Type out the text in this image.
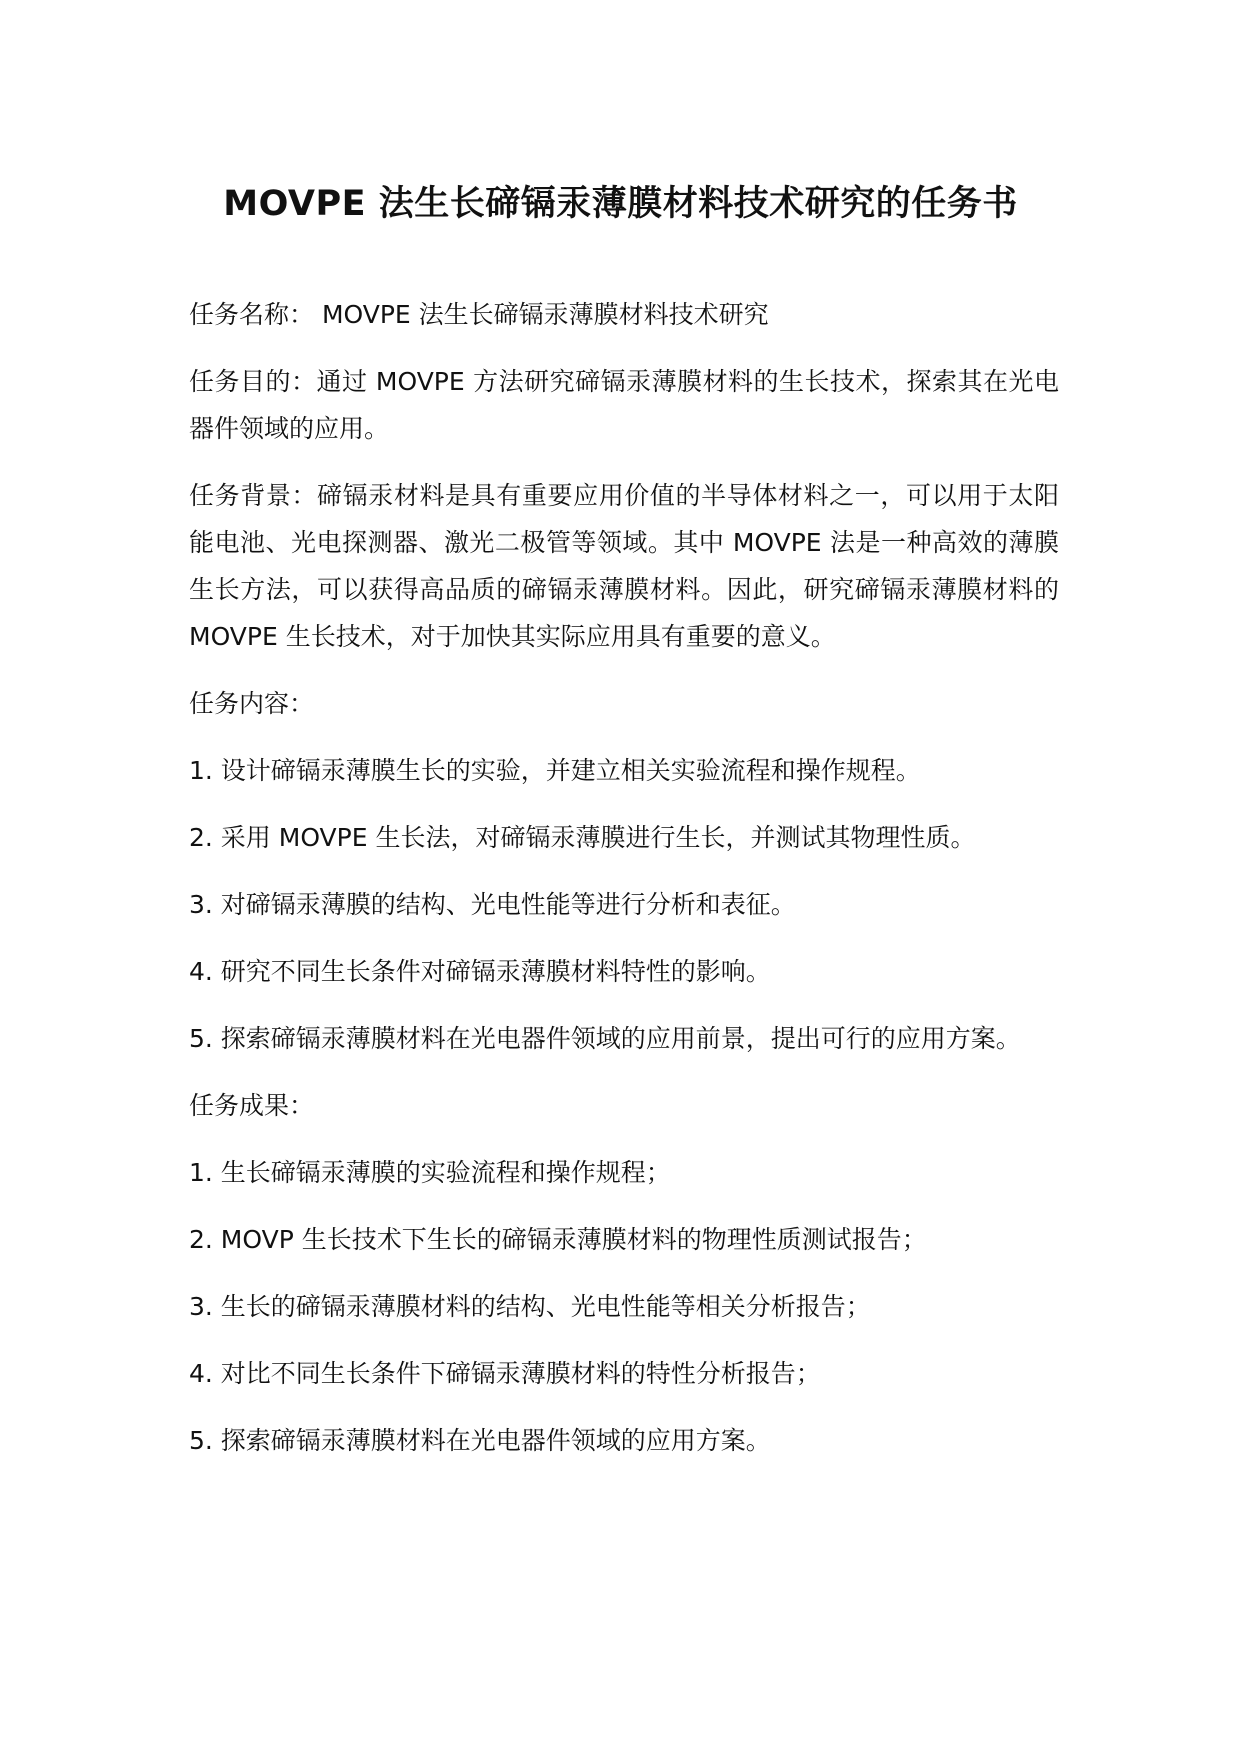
MOVPE 法生长碲镉汞薄膜材料技术研究的任务书

任务名称： MOVPE 法生长碲镉汞薄膜材料技术研究

任务目的：通过 MOVPE 方法研究碲镉汞薄膜材料的生长技术，探索其在光电器件领域的应用。

任务背景：碲镉汞材料是具有重要应用价值的半导体材料之一，可以用于太阳能电池、光电探测器、激光二极管等领域。其中 MOVPE 法是一种高效的薄膜生长方法，可以获得高品质的碲镉汞薄膜材料。因此，研究碲镉汞薄膜材料的 MOVPE 生长技术，对于加快其实际应用具有重要的意义。

任务内容：

1. 设计碲镉汞薄膜生长的实验，并建立相关实验流程和操作规程。

2. 采用 MOVPE 生长法，对碲镉汞薄膜进行生长，并测试其物理性质。

3. 对碲镉汞薄膜的结构、光电性能等进行分析和表征。

4. 研究不同生长条件对碲镉汞薄膜材料特性的影响。

5. 探索碲镉汞薄膜材料在光电器件领域的应用前景，提出可行的应用方案。

任务成果：

1. 生长碲镉汞薄膜的实验流程和操作规程；

2. MOVP 生长技术下生长的碲镉汞薄膜材料的物理性质测试报告；

3. 生长的碲镉汞薄膜材料的结构、光电性能等相关分析报告；

4. 对比不同生长条件下碲镉汞薄膜材料的特性分析报告；

5. 探索碲镉汞薄膜材料在光电器件领域的应用方案。
